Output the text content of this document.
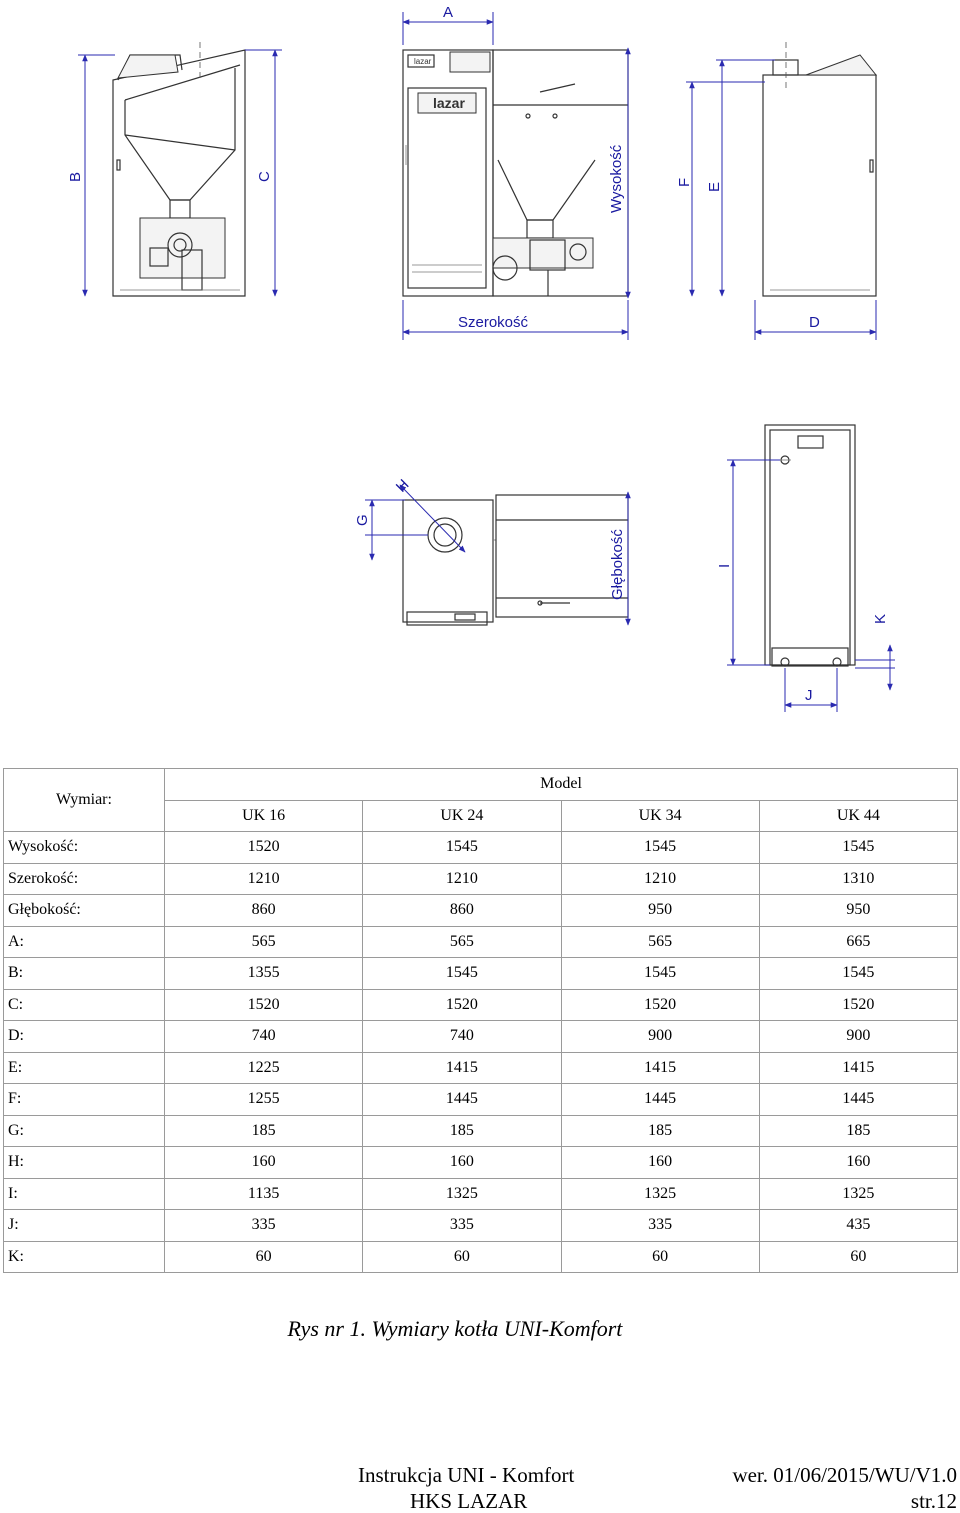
lazar
lazar
A
B	C	Wysokość	F E
Szerokość	D
G
H
Głębokość	I
J
K
Wymiar:	Model			
	UK 16	UK 24	UK 34	UK 44
Wysokość:	1520	1545	1545	1545
Szerokość:	1210	1210	1210	1310
Głębokość:	860	860	950	950
A:	565	565	565	665
B:	1355	1545	1545	1545
C:	1520	1520	1520	1520
D:	740	740	900	900
E:	1225	1415	1415	1415
F:	1255	1445	1445	1445
G:	185	185	185	185
H:	160	160	160	160
I:	1135	1325	1325	1325
J:	335	335	335	435
K:	60	60	60	60
Rys nr 1. Wymiary kotła UNI-Komfort
Instrukcja UNI - Komfort
HKS LAZAR
wer. 01/06/2015/WU/V1.0
str.12
